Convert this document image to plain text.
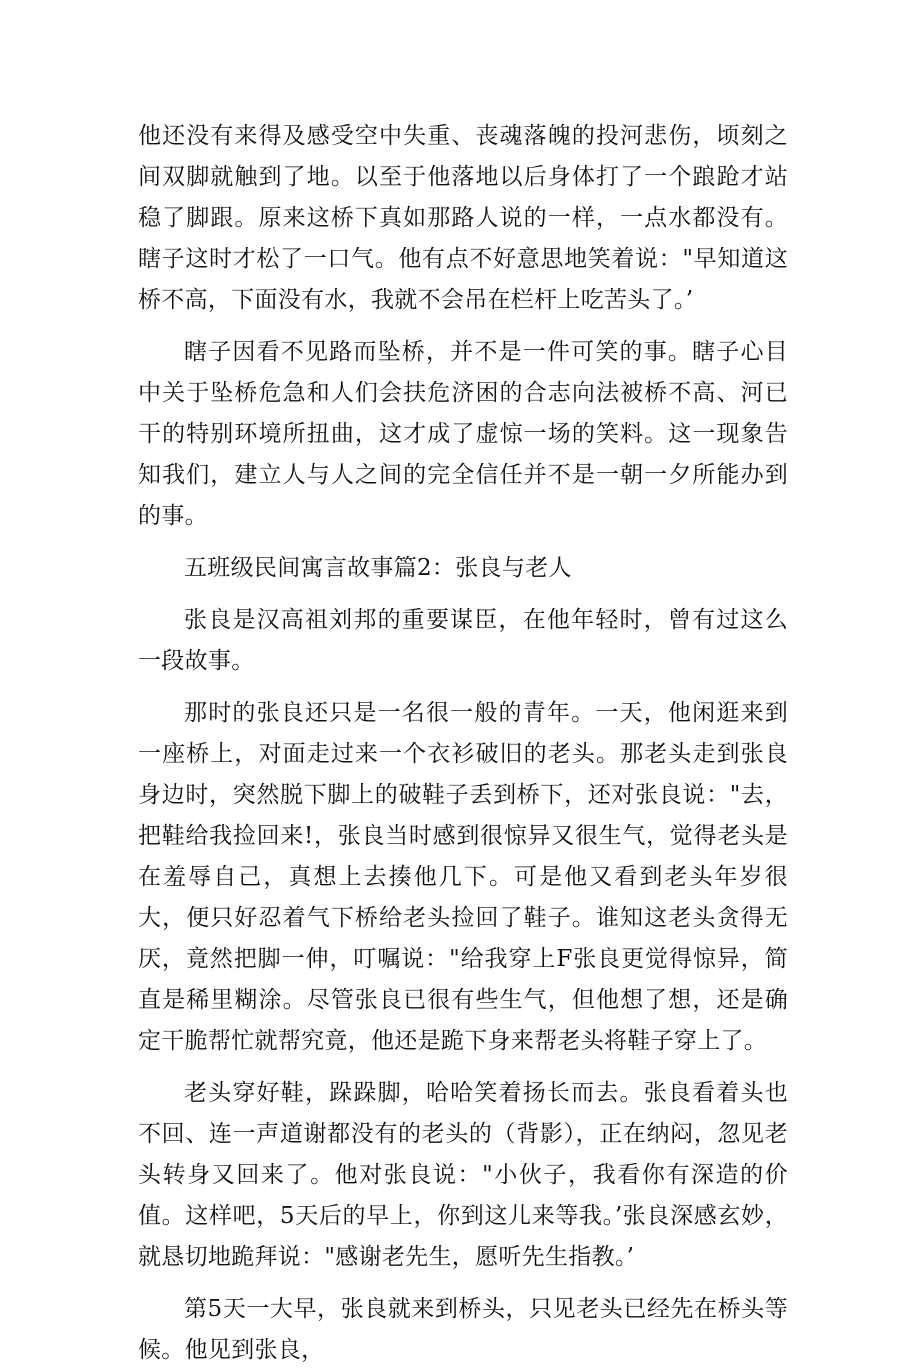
他还没有来得及感受空中失重、丧魂落魄的投河悲伤，顷刻之间双脚就触到了地。以至于他落地以后身体打了一个踉跄才站稳了脚跟。原来这桥下真如那路人说的一样，一点水都没有。瞎子这时才松了一口气。他有点不好意思地笑着说："早知道这桥不高，下面没有水，我就不会吊在栏杆上吃苦头了。’

瞎子因看不见路而坠桥，并不是一件可笑的事。瞎子心目中关于坠桥危急和人们会扶危济困的合志向法被桥不高、河已干的特别环境所扭曲，这才成了虚惊一场的笑料。这一现象告知我们，建立人与人之间的完全信任并不是一朝一夕所能办到的事。

五班级民间寓言故事篇2：张良与老人

张良是汉高祖刘邦的重要谋臣，在他年轻时，曾有过这么一段故事。

那时的张良还只是一名很一般的青年。一天，他闲逛来到一座桥上，对面走过来一个衣衫破旧的老头。那老头走到张良身边时，突然脱下脚上的破鞋子丢到桥下，还对张良说："去，把鞋给我捡回来!，张良当时感到很惊异又很生气，觉得老头是在羞辱自己，真想上去揍他几下。可是他又看到老头年岁很大，便只好忍着气下桥给老头捡回了鞋子。谁知这老头贪得无厌，竟然把脚一伸，叮嘱说："给我穿上F张良更觉得惊异，简直是稀里糊涂。尽管张良已很有些生气，但他想了想，还是确定干脆帮忙就帮究竟，他还是跪下身来帮老头将鞋子穿上了。

老头穿好鞋，跺跺脚，哈哈笑着扬长而去。张良看着头也不回、连一声道谢都没有的老头的（背影），正在纳闷，忽见老头转身又回来了。他对张良说："小伙子，我看你有深造的价值。这样吧，5天后的早上，你到这儿来等我。’张良深感玄妙，就恳切地跪拜说："感谢老先生，愿听先生指教。’

第5天一大早，张良就来到桥头，只见老头已经先在桥头等候。他见到张良，
